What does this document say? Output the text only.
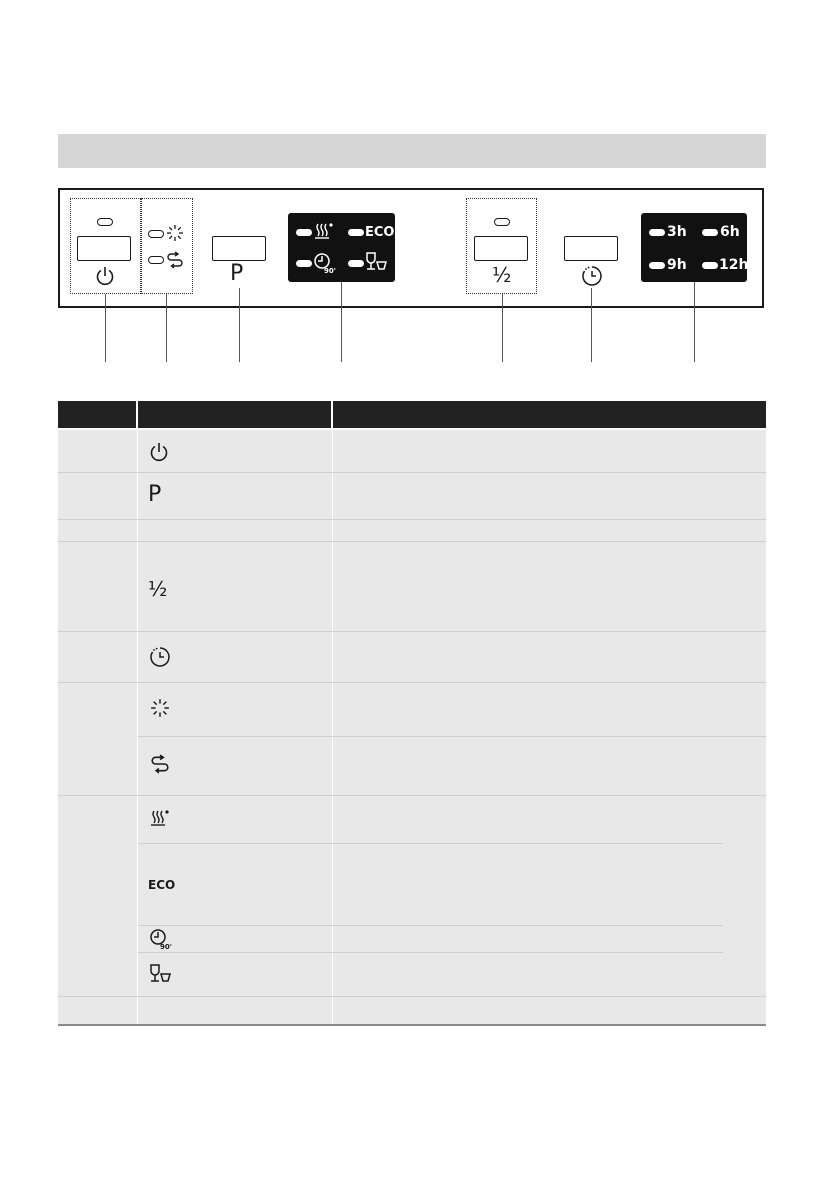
P
ECO
90'	½
3h 6h
9h 12h
P
½
ECO
90'
